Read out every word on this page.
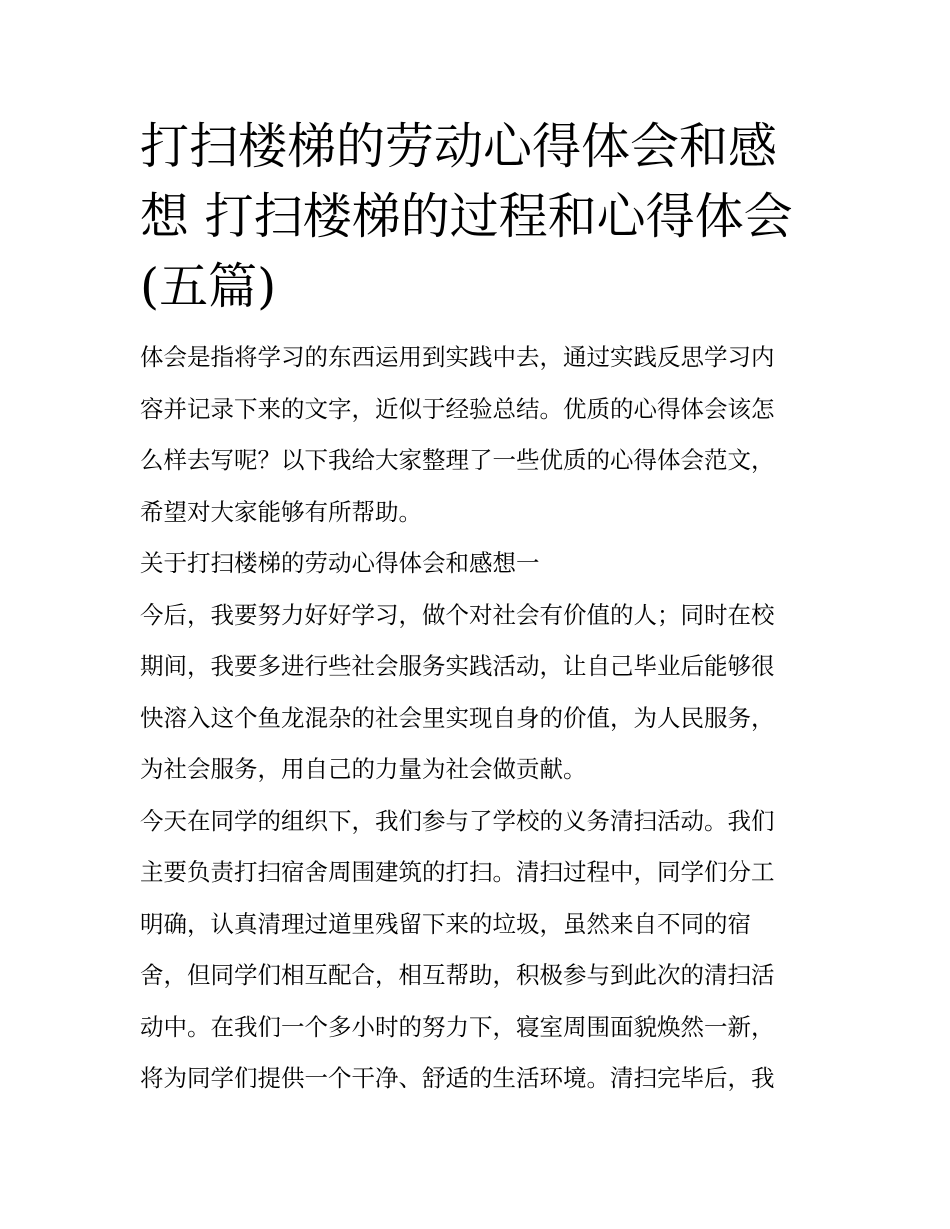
打扫楼梯的劳动心得体会和感
想 打扫楼梯的过程和心得体会
(五篇)

体会是指将学习的东西运用到实践中去，通过实践反思学习内
容并记录下来的文字，近似于经验总结。优质的心得体会该怎
么样去写呢？以下我给大家整理了一些优质的心得体会范文，
希望对大家能够有所帮助。

关于打扫楼梯的劳动心得体会和感想一

今后，我要努力好好学习，做个对社会有价值的人；同时在校
期间，我要多进行些社会服务实践活动，让自己毕业后能够很
快溶入这个鱼龙混杂的社会里实现自身的价值，为人民服务，
为社会服务，用自己的力量为社会做贡献。

今天在同学的组织下，我们参与了学校的义务清扫活动。我们
主要负责打扫宿舍周围建筑的打扫。清扫过程中，同学们分工
明确，认真清理过道里残留下来的垃圾，虽然来自不同的宿
舍，但同学们相互配合，相互帮助，积极参与到此次的清扫活
动中。在我们一个多小时的努力下，寝室周围面貌焕然一新，
将为同学们提供一个干净、舒适的生活环境。清扫完毕后，我
